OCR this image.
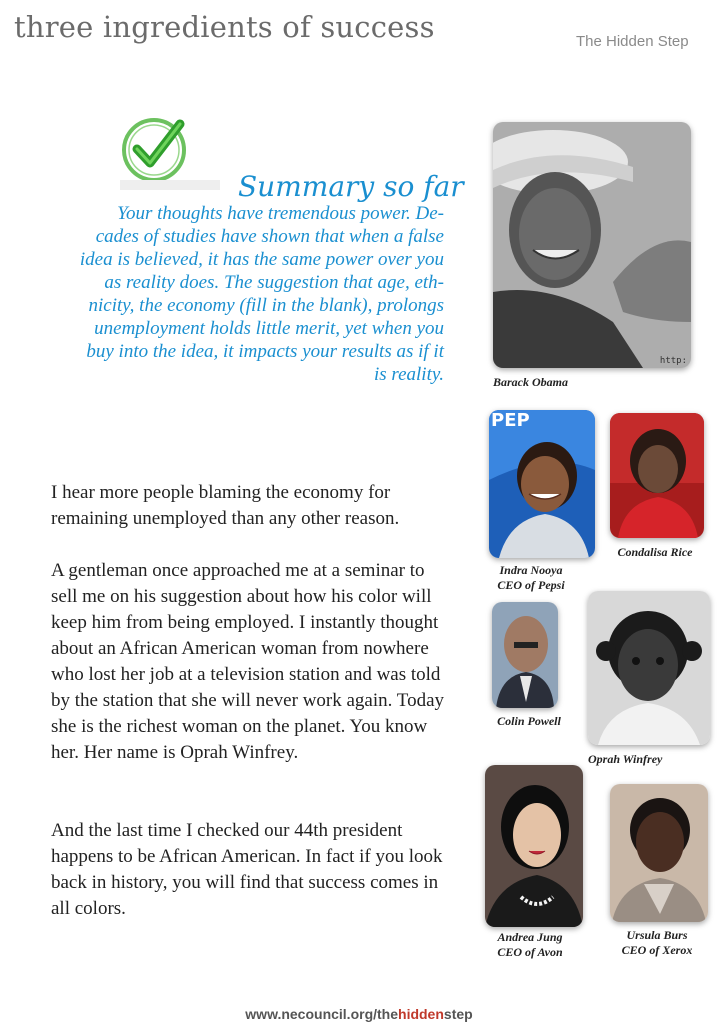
three ingredients of success	The Hidden Step
Summary so far
Your thoughts have tremendous power. De-
cades of studies have shown that when a false
idea is believed, it has the same power over you
as reality does. The suggestion that age, eth-
nicity, the economy (fill in the blank), prolongs
unemployment holds little merit, yet when you
buy into the idea, it impacts your results as if it
is reality.
I hear more people blaming the economy for remaining unemployed than any other reason.
A gentleman once approached me at a seminar to sell me on his suggestion about how his color will keep him from being employed. I instantly thought about an African American woman from nowhere who lost her job at a television station and was told by the station that she will never work again. Today she is the richest woman on the planet. You know her. Her name is Oprah Winfrey.
And the last time I checked our 44th president happens to be African American. In fact if you look back in history, you will find that success comes in all colors.
http:
Barack Obama
PEP
Indra Nooya
CEO of Pepsi
Condalisa Rice
Colin Powell
Oprah Winfrey
Andrea Jung
CEO of Avon
Ursula Burs
CEO of Xerox
www.necouncil.org/thehiddenstep
